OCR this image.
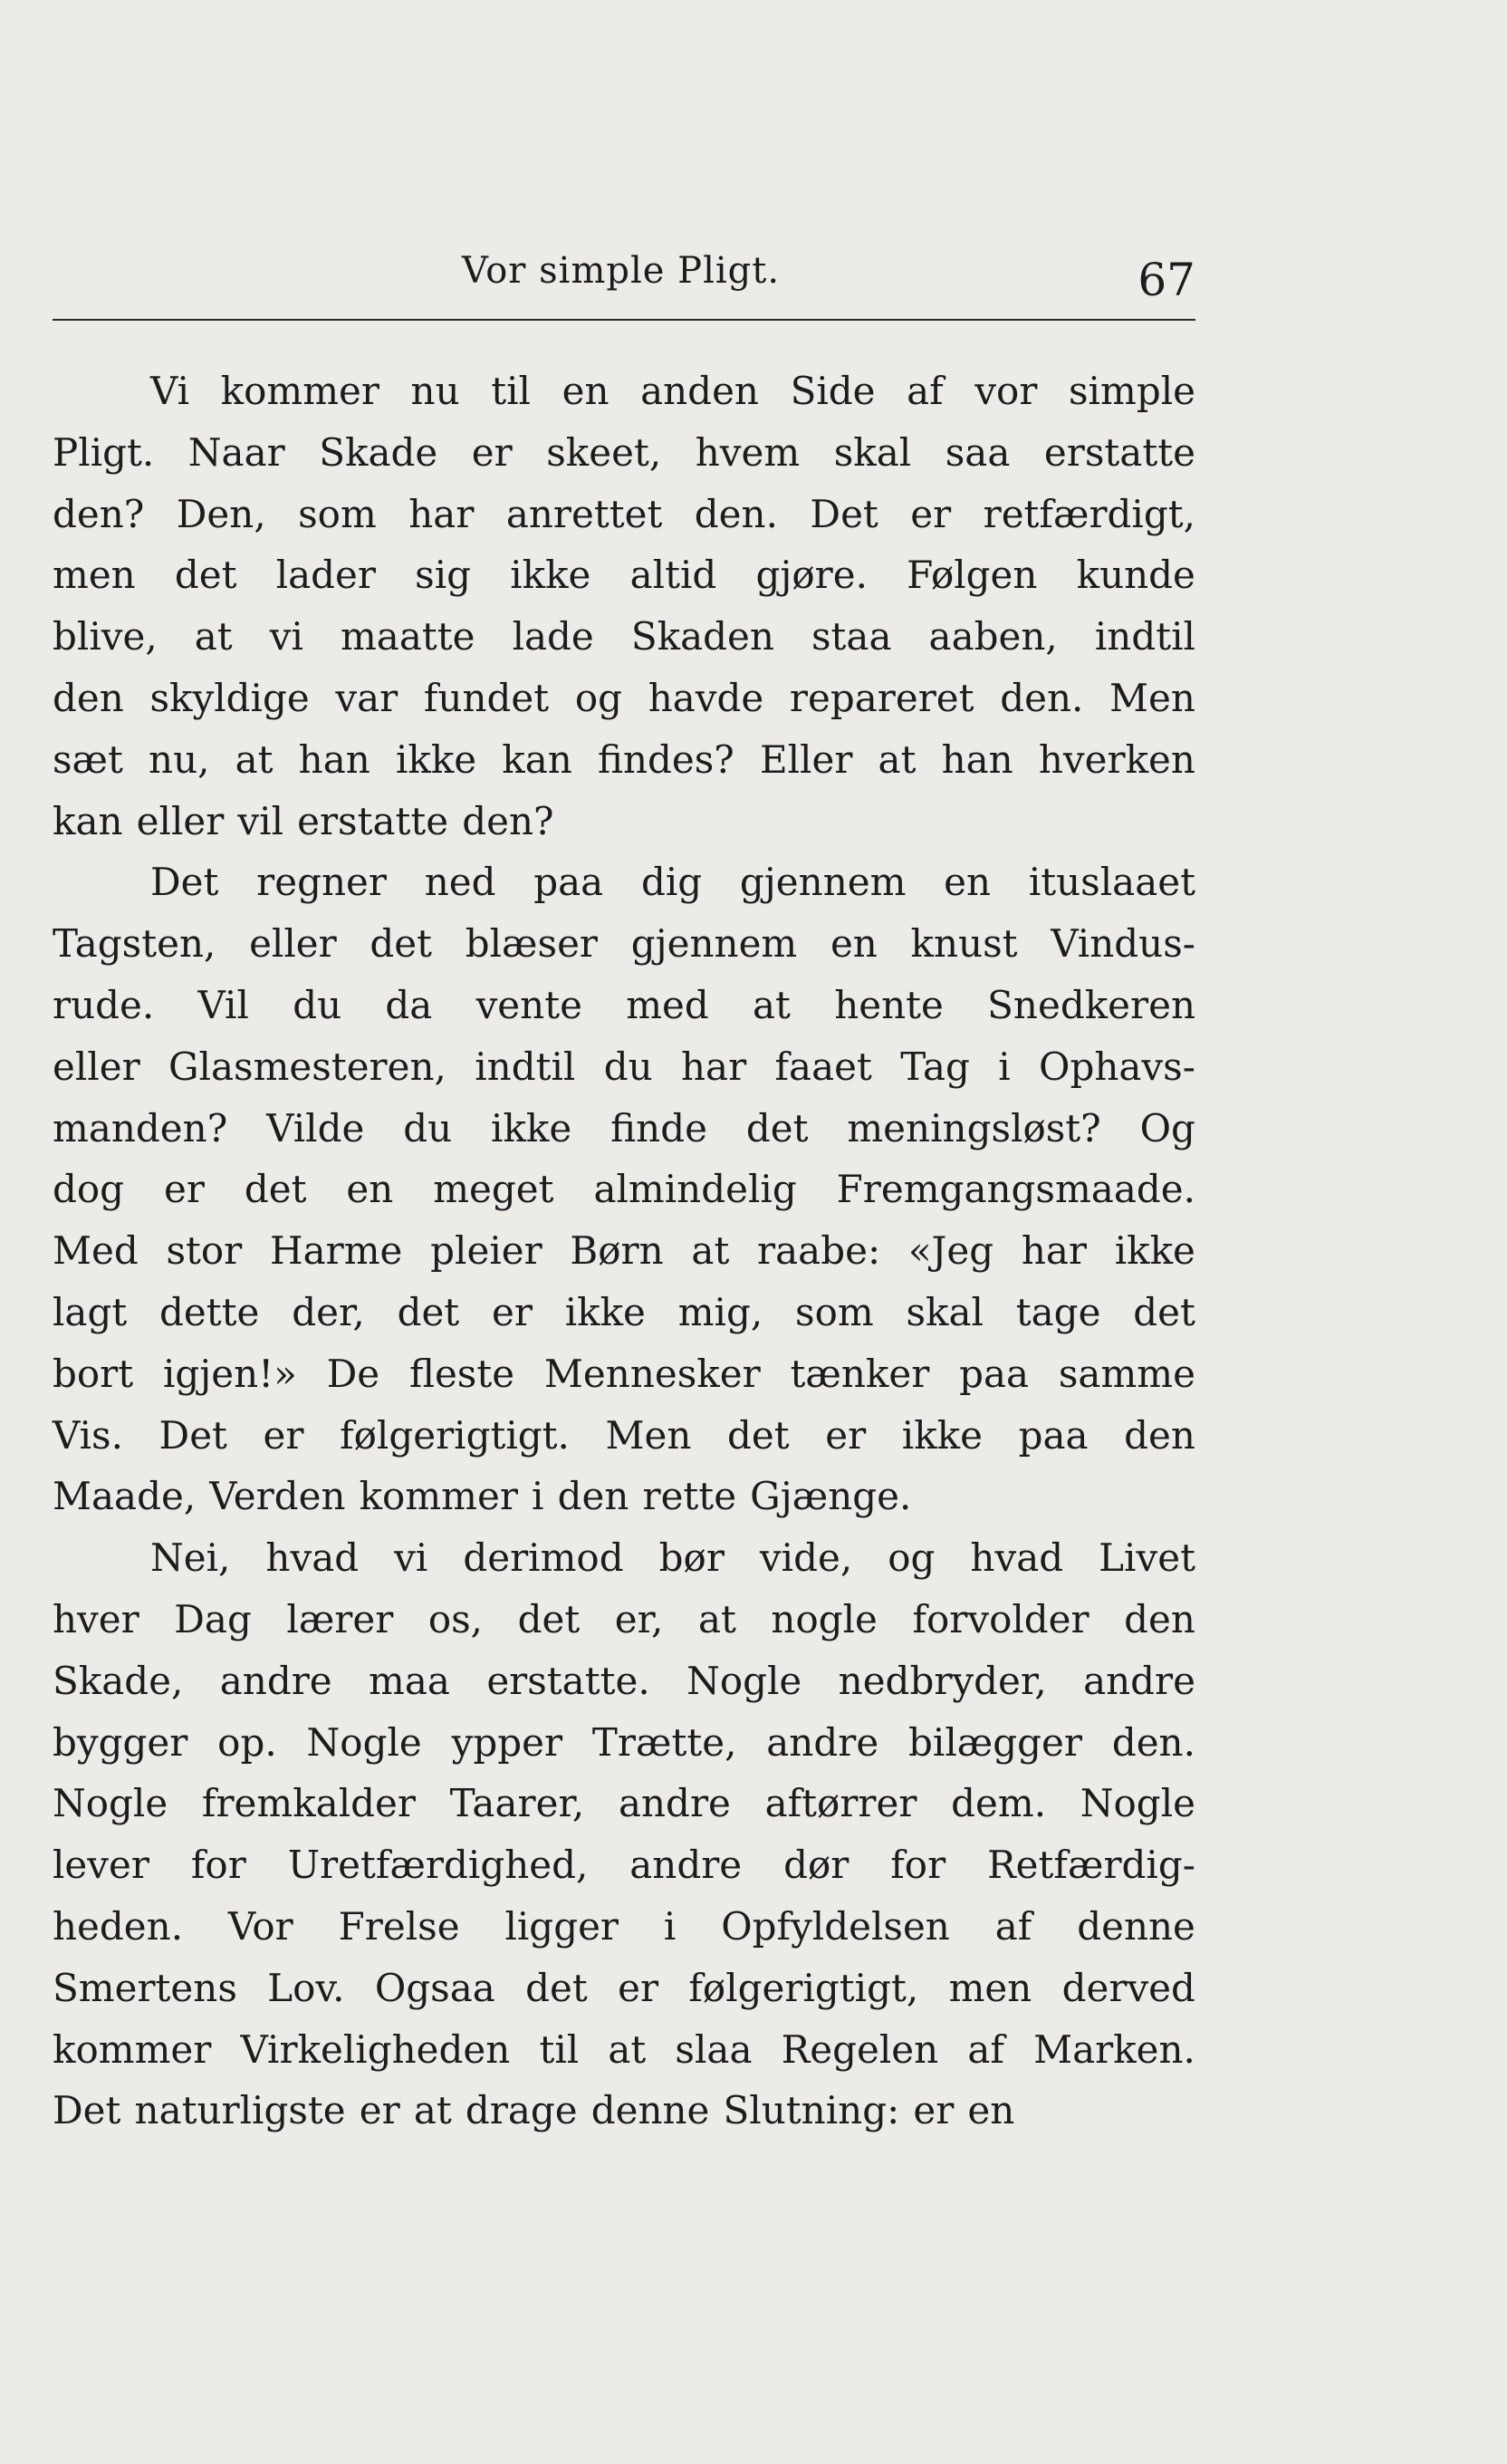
Vor simple Pligt.	67
Vi kommer nu til en anden Side af vor simple
Pligt. Naar Skade er skeet, hvem skal saa erstatte
den? Den, som har anrettet den. Det er retfærdigt,
men det lader sig ikke altid gjøre. Følgen kunde
blive, at vi maatte lade Skaden staa aaben, indtil
den skyldige var fundet og havde repareret den. Men
sæt nu, at han ikke kan findes? Eller at han hverken
kan eller vil erstatte den?
Det regner ned paa dig gjennem en ituslaaet
Tagsten, eller det blæser gjennem en knust Vindus-
rude. Vil du da vente med at hente Snedkeren
eller Glasmesteren, indtil du har faaet Tag i Ophavs-
manden? Vilde du ikke finde det meningsløst? Og
dog er det en meget almindelig Fremgangsmaade.
Med stor Harme pleier Børn at raabe: «Jeg har ikke
lagt dette der, det er ikke mig, som skal tage det
bort igjen!» De fleste Mennesker tænker paa samme
Vis. Det er følgerigtigt. Men det er ikke paa den
Maade, Verden kommer i den rette Gjænge.
Nei, hvad vi derimod bør vide, og hvad Livet
hver Dag lærer os, det er, at nogle forvolder den
Skade, andre maa erstatte. Nogle nedbryder, andre
bygger op. Nogle ypper Trætte, andre bilægger den.
Nogle fremkalder Taarer, andre aftørrer dem. Nogle
lever for Uretfærdighed, andre dør for Retfærdig-
heden. Vor Frelse ligger i Opfyldelsen af denne
Smertens Lov. Ogsaa det er følgerigtigt, men derved
kommer Virkeligheden til at slaa Regelen af Marken.
Det naturligste er at drage denne Slutning: er en
